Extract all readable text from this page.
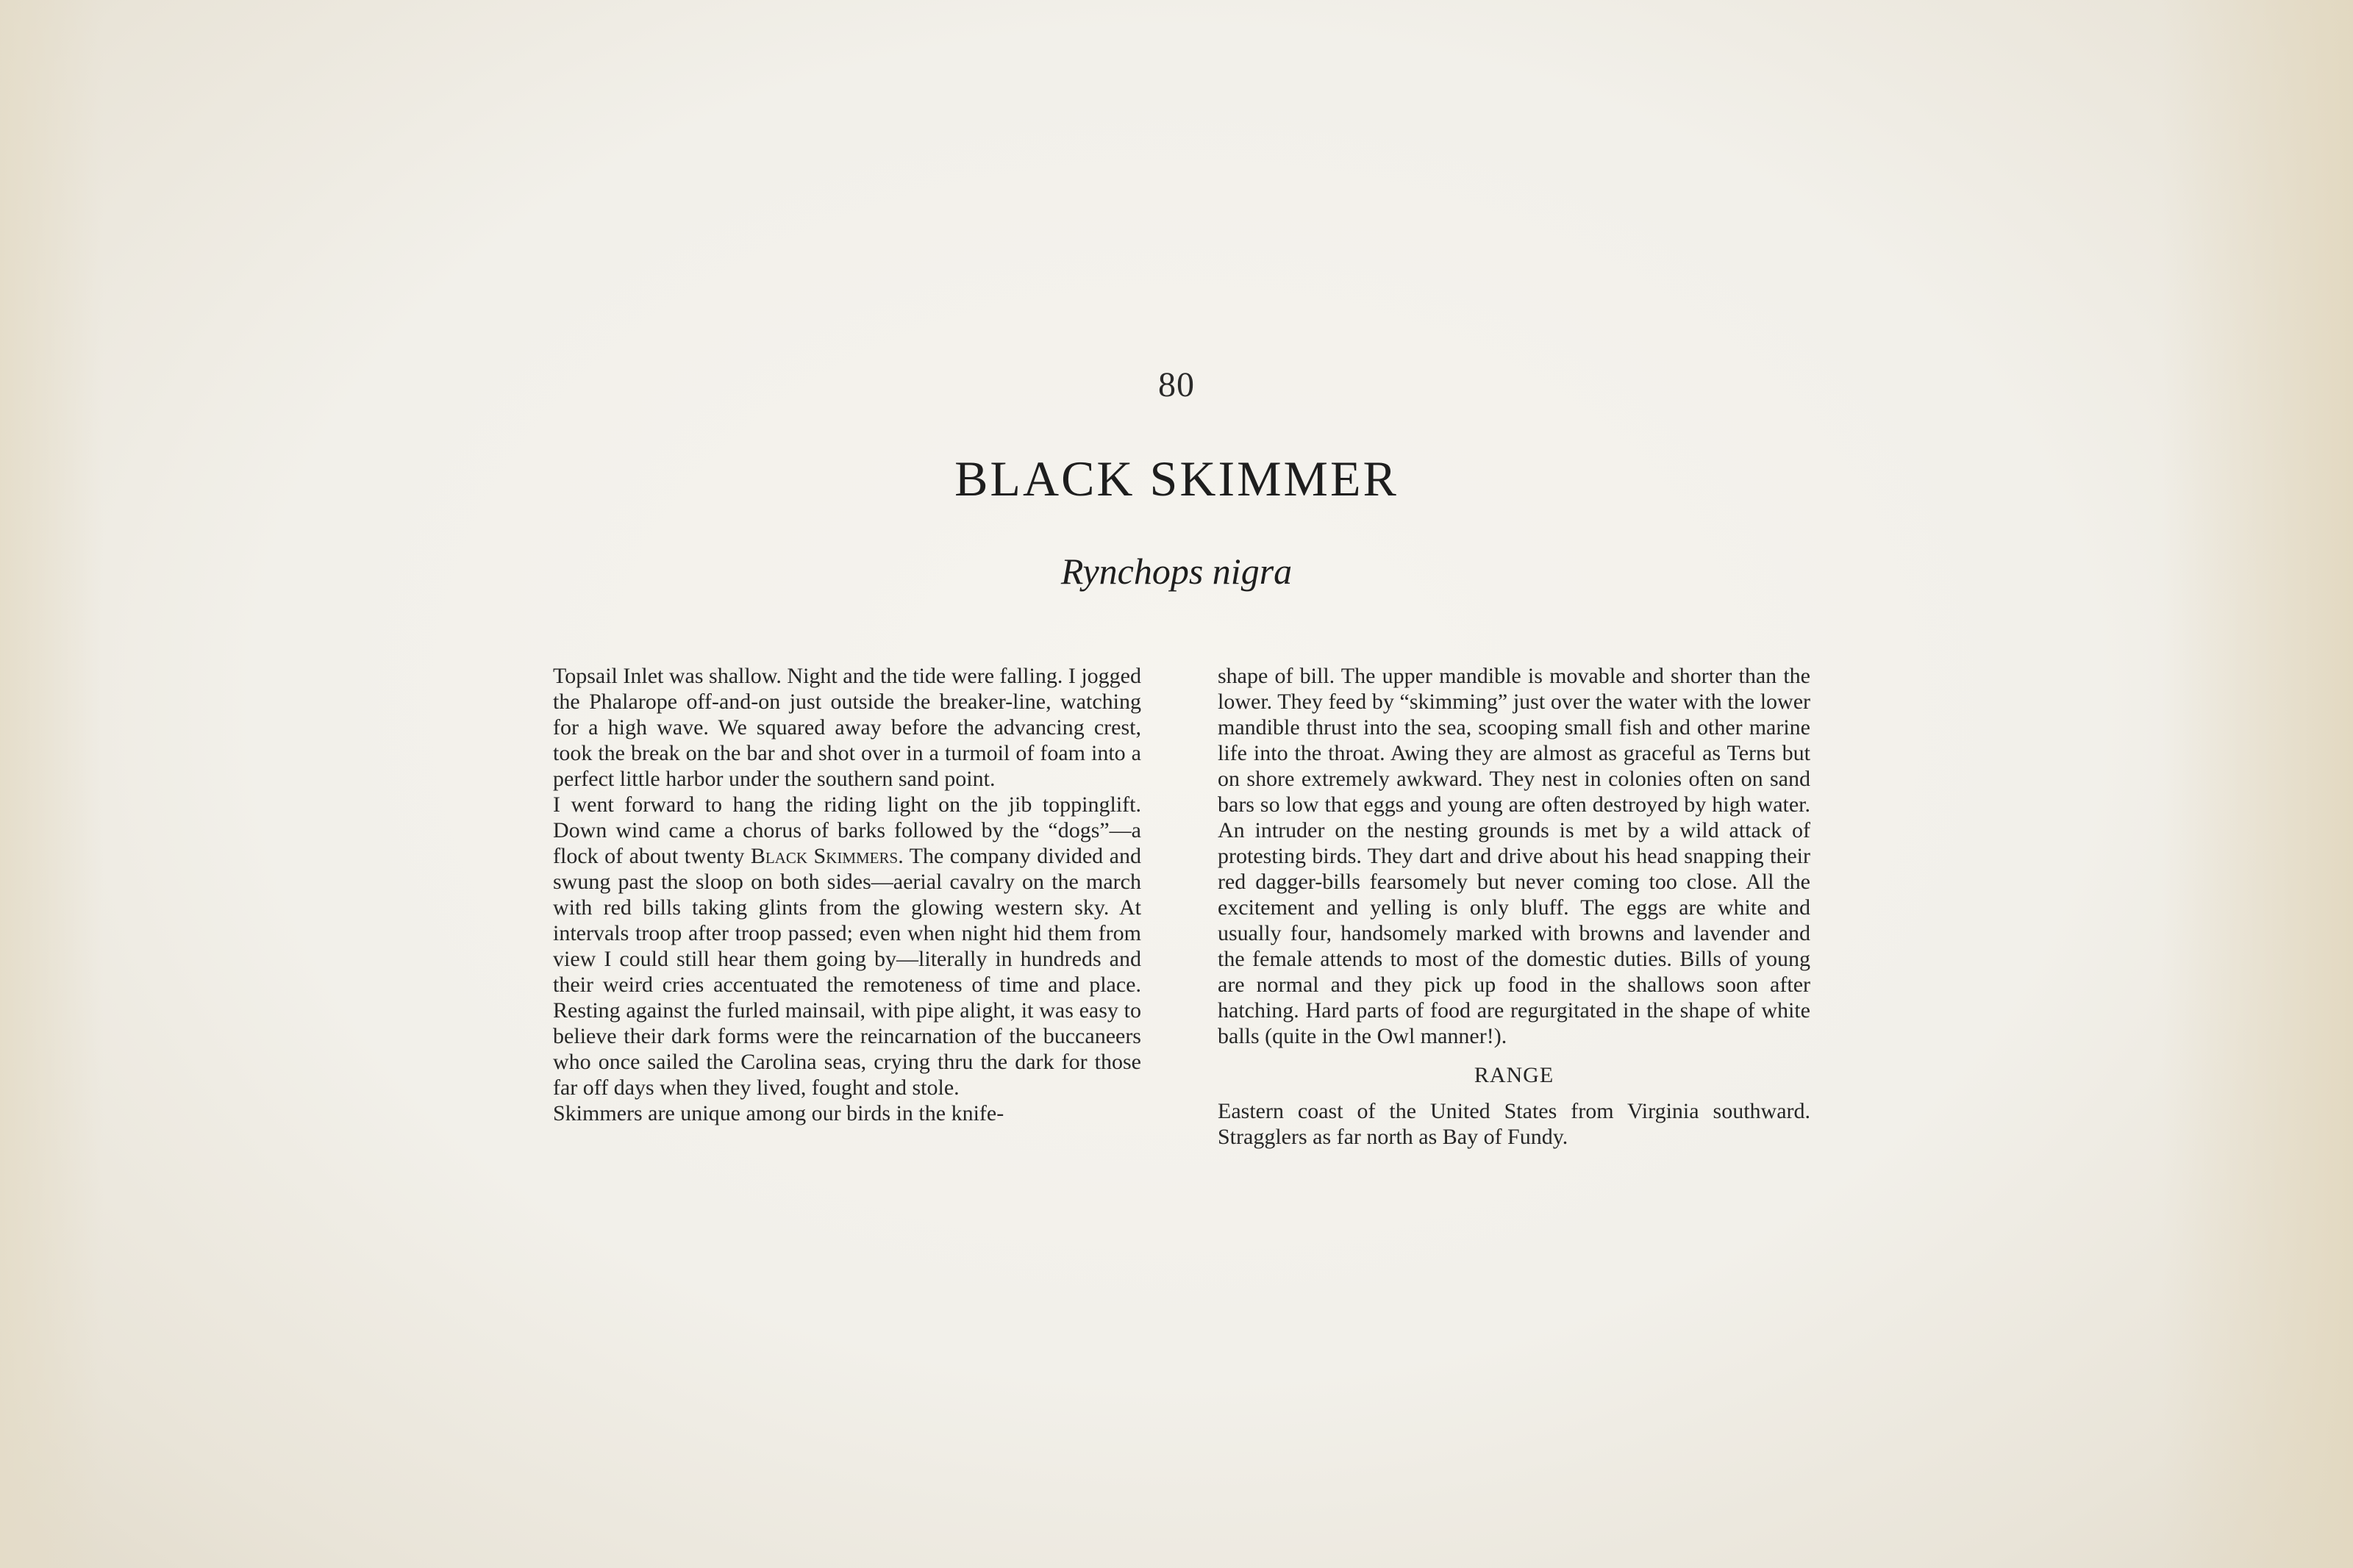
80
BLACK SKIMMER
Rynchops nigra

Topsail Inlet was shallow. Night and the tide were falling. I jogged the Phalarope off-and-on just outside the breaker-line, watching for a high wave. We squared away before the advancing crest, took the break on the bar and shot over in a turmoil of foam into a perfect little harbor under the southern sand point.

I went forward to hang the riding light on the jib toppinglift. Down wind came a chorus of barks followed by the “dogs”—a flock of about twenty Black Skimmers. The company divided and swung past the sloop on both sides—aerial cavalry on the march with red bills taking glints from the glowing western sky. At intervals troop after troop passed; even when night hid them from view I could still hear them going by—literally in hundreds and their weird cries accentuated the remoteness of time and place. Resting against the furled mainsail, with pipe alight, it was easy to believe their dark forms were the reincarnation of the buccaneers who once sailed the Carolina seas, crying thru the dark for those far off days when they lived, fought and stole.

Skimmers are unique among our birds in the knife-

shape of bill. The upper mandible is movable and shorter than the lower. They feed by “skimming” just over the water with the lower mandible thrust into the sea, scooping small fish and other marine life into the throat. Awing they are almost as graceful as Terns but on shore extremely awkward. They nest in colonies often on sand bars so low that eggs and young are often destroyed by high water. An intruder on the nesting grounds is met by a wild attack of protesting birds. They dart and drive about his head snapping their red dagger-bills fearsomely but never coming too close. All the excitement and yelling is only bluff. The eggs are white and usually four, handsomely marked with browns and lavender and the female attends to most of the domestic duties. Bills of young are normal and they pick up food in the shallows soon after hatching. Hard parts of food are regurgitated in the shape of white balls (quite in the Owl manner!).

RANGE

Eastern coast of the United States from Virginia southward. Stragglers as far north as Bay of Fundy.
